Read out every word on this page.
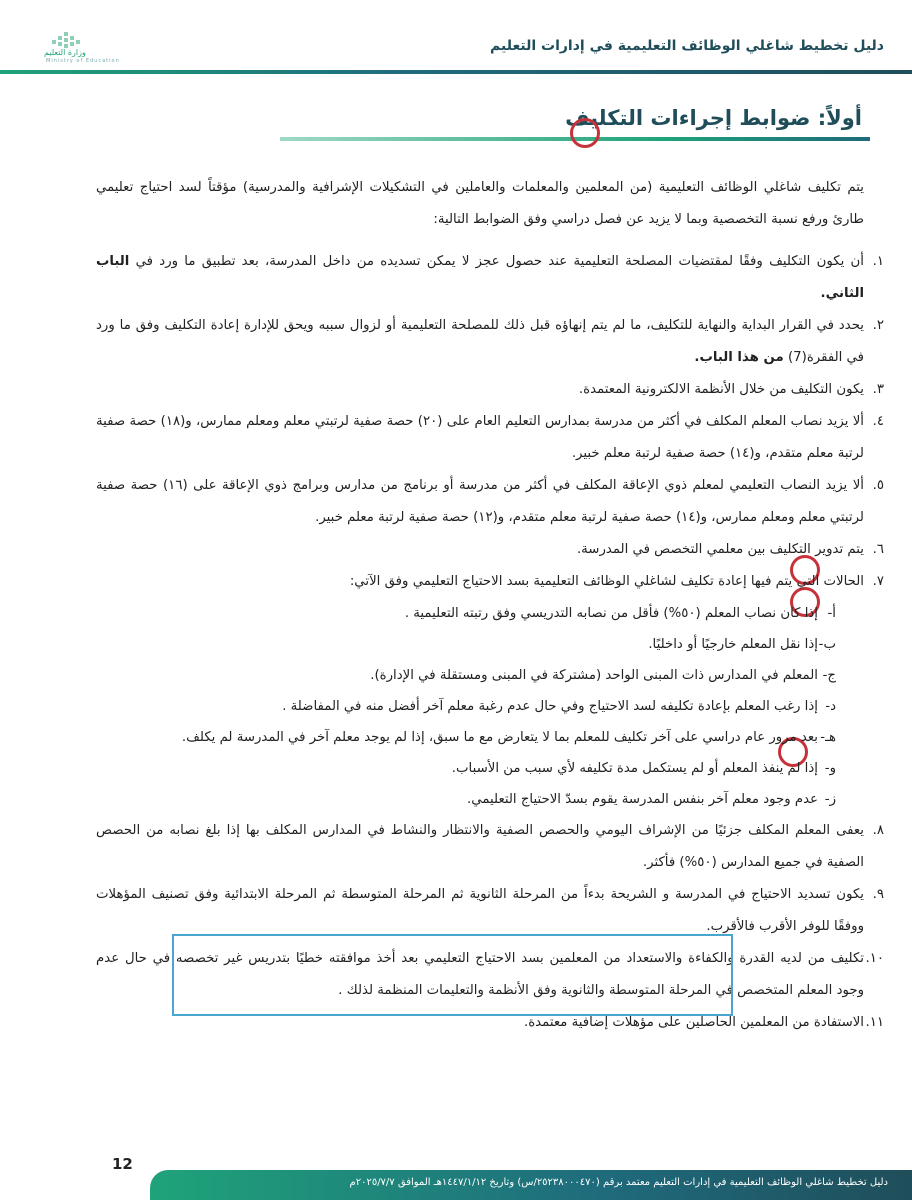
وزارة التعليم
Ministry of Education
دليل تخطيط شاغلي الوظائف التعليمية في إدارات التعليم
أولاً: ضوابط إجراءات التكليف

يتم تكليف شاغلي الوظائف التعليمية (من المعلمين والمعلمات والعاملين في التشكيلات الإشرافية والمدرسية) مؤقتاً لسد احتياج تعليمي طارئ ورفع نسبة التخصصية وبما لا يزيد عن فصل دراسي وفق الضوابط التالية:

١.
أن يكون التكليف وفقًا لمقتضيات المصلحة التعليمية عند حصول عجز لا يمكن تسديده من داخل المدرسة، بعد تطبيق ما ورد في الباب الثاني.
٢.
يحدد في القرار البداية والنهاية للتكليف، ما لم يتم إنهاؤه قبل ذلك للمصلحة التعليمية أو لزوال سببه ويحق للإدارة إعادة التكليف وفق ما ورد في الفقرة(7) من هذا الباب.
٣.
يكون التكليف من خلال الأنظمة الالكترونية المعتمدة.
٤.
ألا يزيد نصاب المعلم المكلف في أكثر من مدرسة بمدارس التعليم العام على (٢٠) حصة صفية لرتبتي معلم ومعلم ممارس، و(١٨) حصة صفية لرتبة معلم متقدم، و(١٤) حصة صفية لرتبة معلم خبير.
٥.
ألا يزيد النصاب التعليمي لمعلم ذوي الإعاقة المكلف في أكثر من مدرسة أو برنامج من مدارس وبرامج ذوي الإعاقة على (١٦) حصة صفية لرتبتي معلم ومعلم ممارس، و(١٤) حصة صفية لرتبة معلم متقدم، و(١٢) حصة صفية لرتبة معلم خبير.
٦.
يتم تدوير التكليف بين معلمي التخصص في المدرسة.
٧.
الحالات التي يتم فيها إعادة تكليف لشاغلي الوظائف التعليمية بسد الاحتياج التعليمي وفق الآتي:
أ-
إذا كان نصاب المعلم (٥٠%) فأقل من نصابه التدريسي وفق رتبته التعليمية .
ب-
إذا نقل المعلم خارجيًا أو داخليًا.
ج-
المعلم في المدارس ذات المبنى الواحد (مشتركة في المبنى ومستقلة في الإدارة).
د-
إذا رغب المعلم بإعادة تكليفه لسد الاحتياج وفي حال عدم رغبة معلم آخر أفضل منه في المفاضلة .
هـ-
بعد مرور عام دراسي على آخر تكليف للمعلم بما لا يتعارض مع ما سبق، إذا لم يوجد معلم آخر في المدرسة لم يكلف.
و-
إذا لم ينفذ المعلم أو لم يستكمل مدة تكليفه لأي سبب من الأسباب.
ز-
عدم وجود معلم آخر بنفس المدرسة يقوم بسدّ الاحتياج التعليمي.
٨.
يعفى المعلم المكلف جزئيًا من الإشراف اليومي والحصص الصفية والانتظار والنشاط في المدارس المكلف بها إذا بلغ نصابه من الحصص الصفية في جميع المدارس (٥٠%) فأكثر.
٩.
يكون تسديد الاحتياج في المدرسة و الشريحة بدءاً من المرحلة الثانوية ثم المرحلة المتوسطة ثم المرحلة الابتدائية وفق تصنيف المؤهلات ووفقًا للوفر الأقرب فالأقرب.
١٠.
تكليف من لديه القدرة والكفاءة والاستعداد من المعلمين بسد الاحتياج التعليمي بعد أخذ موافقته خطيًا بتدريس غير تخصصه في حال عدم وجود المعلم المتخصص في المرحلة المتوسطة والثانوية وفق الأنظمة والتعليمات المنظمة لذلك .
١١.
الاستفادة من المعلمين الحاصلين على مؤهلات إضافية معتمدة.
12
دليل تخطيط شاغلي الوظائف التعليمية في إدارات التعليم معتمد برقم (٢٥٢٣٨٠٠٠٤٧٠/س) وتاريخ ١٤٤٧/١/١٢هـ الموافق ٢٠٢٥/٧/٧م
